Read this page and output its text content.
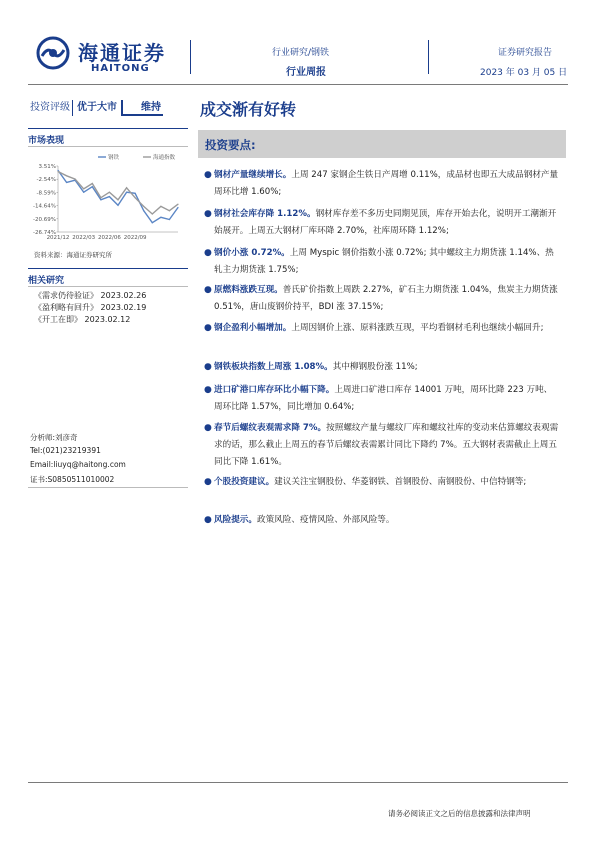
海通证券
HAITONG
行业研究/钢铁
行业周报
证券研究报告
2023 年 03 月 05 日
投资评级 优于大市	维持 成交渐有好转
市场表现
3.51%
-2.54%
-8.59%
-14.64%
-20.69%
-26.74%
2021/12 2022/03 2022/06 2022/09
钢铁	海通指数
资料来源：海通证券研究所
相关研究
《需求仍待验证》 2023.02.26
《盈利略有回升》 2023.02.19
《开工在即》 2023.02.12
分析师:刘彦奇
Tel:(021)23219391
Email:liuyq@haitong.com
证书:S0850511010002
投资要点:
● 钢材产量继续增长。上周 247 家钢企生铁日产周增 0.11%，成品材也即五大成品钢材产量周环比增 1.60%;
● 钢材社会库存降 1.12%。钢材库存差不多历史同期见顶，库存开始去化，说明开工潮渐开始展开。上周五大钢材厂库环降 2.70%，社库周环降 1.12%;
● 钢价小涨 0.72%。上周 Myspic 钢价指数小涨 0.72%; 其中螺纹主力期货涨 1.14%、热轧主力期货涨 1.75%;
● 原燃料涨跌互现。普氏矿价指数上周跌 2.27%，矿石主力期货涨 1.04%，焦炭主力期货涨 0.51%，唐山废钢价持平，BDI 涨 37.15%;
● 钢企盈利小幅增加。上周因钢价上涨、原料涨跌互现，平均看钢材毛利也继续小幅回升;
● 钢铁板块指数上周涨 1.08%。其中柳钢股份涨 11%;
● 进口矿港口库存环比小幅下降。上周进口矿港口库存 14001 万吨，周环比降 223 万吨、周环比降 1.57%，同比增加 0.64%;
● 春节后螺纹表观需求降 7%。按照螺纹产量与螺纹厂库和螺纹社库的变动来估算螺纹表观需求的话，那么截止上周五的春节后螺纹表需累计同比下降约 7%。五大钢材表需截止上周五同比下降 1.61%。
● 个股投资建议。建议关注宝钢股份、华菱钢铁、首钢股份、南钢股份、中信特钢等;
● 风险提示。政策风险、疫情风险、外部风险等。
请务必阅读正文之后的信息披露和法律声明
